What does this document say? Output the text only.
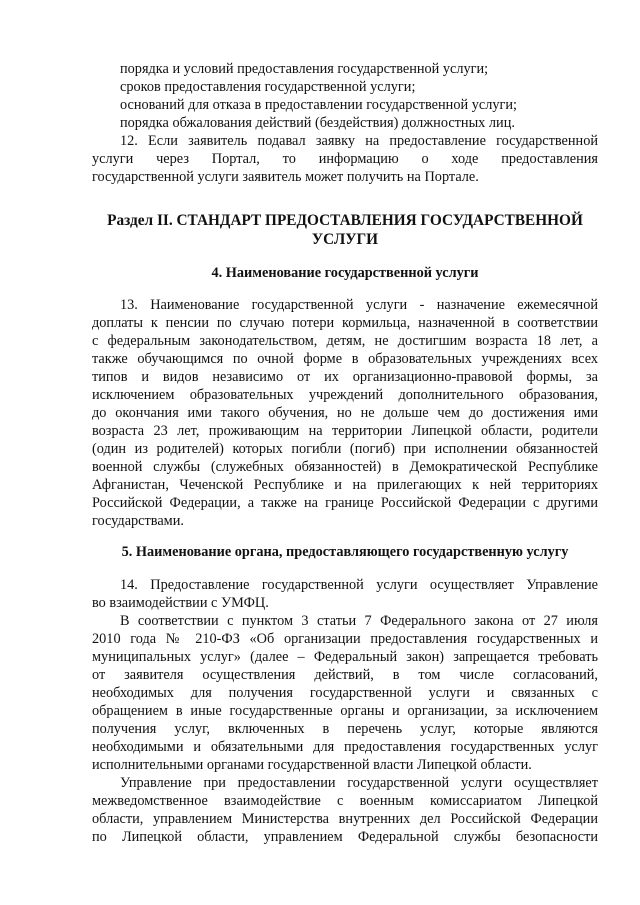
порядка и условий предоставления государственной услуги;
сроков предоставления государственной услуги;
оснований для отказа в предоставлении государственной услуги;
порядка обжалования действий (бездействия) должностных лиц.
12. Если заявитель подавал заявку на предоставление государственной
услуги через Портал, то информацию о ходе предоставления
государственной услуги заявитель может получить на Портале.
Раздел II. СТАНДАРТ ПРЕДОСТАВЛЕНИЯ ГОСУДАРСТВЕННОЙ
УСЛУГИ
4. Наименование государственной услуги
13. Наименование государственной услуги - назначение ежемесячной
доплаты к пенсии по случаю потери кормильца, назначенной в соответствии
с федеральным законодательством, детям, не достигшим возраста 18 лет, а
также обучающимся по очной форме в образовательных учреждениях всех
типов и видов независимо от их организационно-правовой формы, за
исключением образовательных учреждений дополнительного образования,
до окончания ими такого обучения, но не дольше чем до достижения ими
возраста 23 лет, проживающим на территории Липецкой области, родители
(один из родителей) которых погибли (погиб) при исполнении обязанностей
военной службы (служебных обязанностей) в Демократической Республике
Афганистан, Чеченской Республике и на прилегающих к ней территориях
Российской Федерации, а также на границе Российской Федерации с другими
государствами.
5. Наименование органа, предоставляющего государственную услугу
14. Предоставление государственной услуги осуществляет Управление
во взаимодействии с УМФЦ.
В соответствии с пунктом 3 статьи 7 Федерального закона от 27 июля
2010 года № 210-ФЗ «Об организации предоставления государственных и
муниципальных услуг» (далее – Федеральный закон) запрещается требовать
от заявителя осуществления действий, в том числе согласований,
необходимых для получения государственной услуги и связанных с
обращением в иные государственные органы и организации, за исключением
получения услуг, включенных в перечень услуг, которые являются
необходимыми и обязательными для предоставления государственных услуг
исполнительными органами государственной власти Липецкой области.
Управление при предоставлении государственной услуги осуществляет
межведомственное взаимодействие с военным комиссариатом Липецкой
области, управлением Министерства внутренних дел Российской Федерации
по Липецкой области, управлением Федеральной службы безопасности
